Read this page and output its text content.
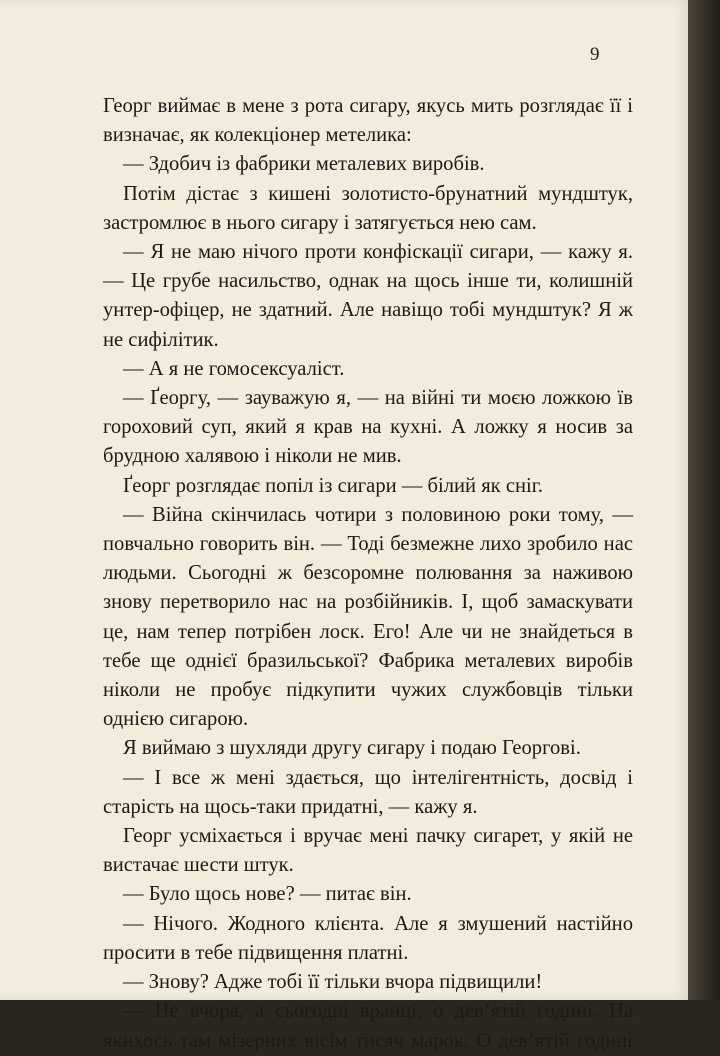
9

Георг виймає в мене з рота сигару, якусь мить розглядає її і визначає, як колекціонер метелика:

— Здобич із фабрики металевих виробів.

Потім дістає з кишені золотисто-брунатний мундштук, застромлює в нього сигару і затягується нею сам.

— Я не маю нічого проти конфіскації сигари, — кажу я. — Це грубе насильство, однак на щось інше ти, колишній унтер-офіцер, не здатний. Але навіщо тобі мундштук? Я ж не сифілітик.

— А я не гомосексуаліст.

— Ґеоргу, — зауважую я, — на війні ти моєю ложкою їв гороховий суп, який я крав на кухні. А ложку я носив за брудною халявою і ніколи не мив.

Ґеорг розглядає попіл із сигари — білий як сніг.

— Війна скінчилась чотири з половиною роки тому, — повчально говорить він. — Тоді безмежне лихо зробило нас людьми. Сьогодні ж безсоромне полювання за наживою знову перетворило нас на розбійників. І, щоб замаскувати це, нам тепер потрібен лоск. Его! Але чи не знайдеться в тебе ще однієї бразильської? Фабрика металевих виробів ніколи не пробує підкупити чужих службовців тільки однією сигарою.

Я виймаю з шухляди другу сигару і подаю Георгові.

— І все ж мені здається, що інтелігентність, досвід і старість на щось-таки придатні, — кажу я.

Георг усміхається і вручає мені пачку сигарет, у якій не вистачає шести штук.

— Було щось нове? — питає він.

— Нічого. Жодного клієнта. Але я змушений настійно просити в тебе підвищення платні.

— Знову? Адже тобі її тільки вчора підвищили!

— Не вчора, а сьогодні вранці, о дев’ятій годині. На якихось там мізерних вісім тисяч марок. О дев’ятій годині
